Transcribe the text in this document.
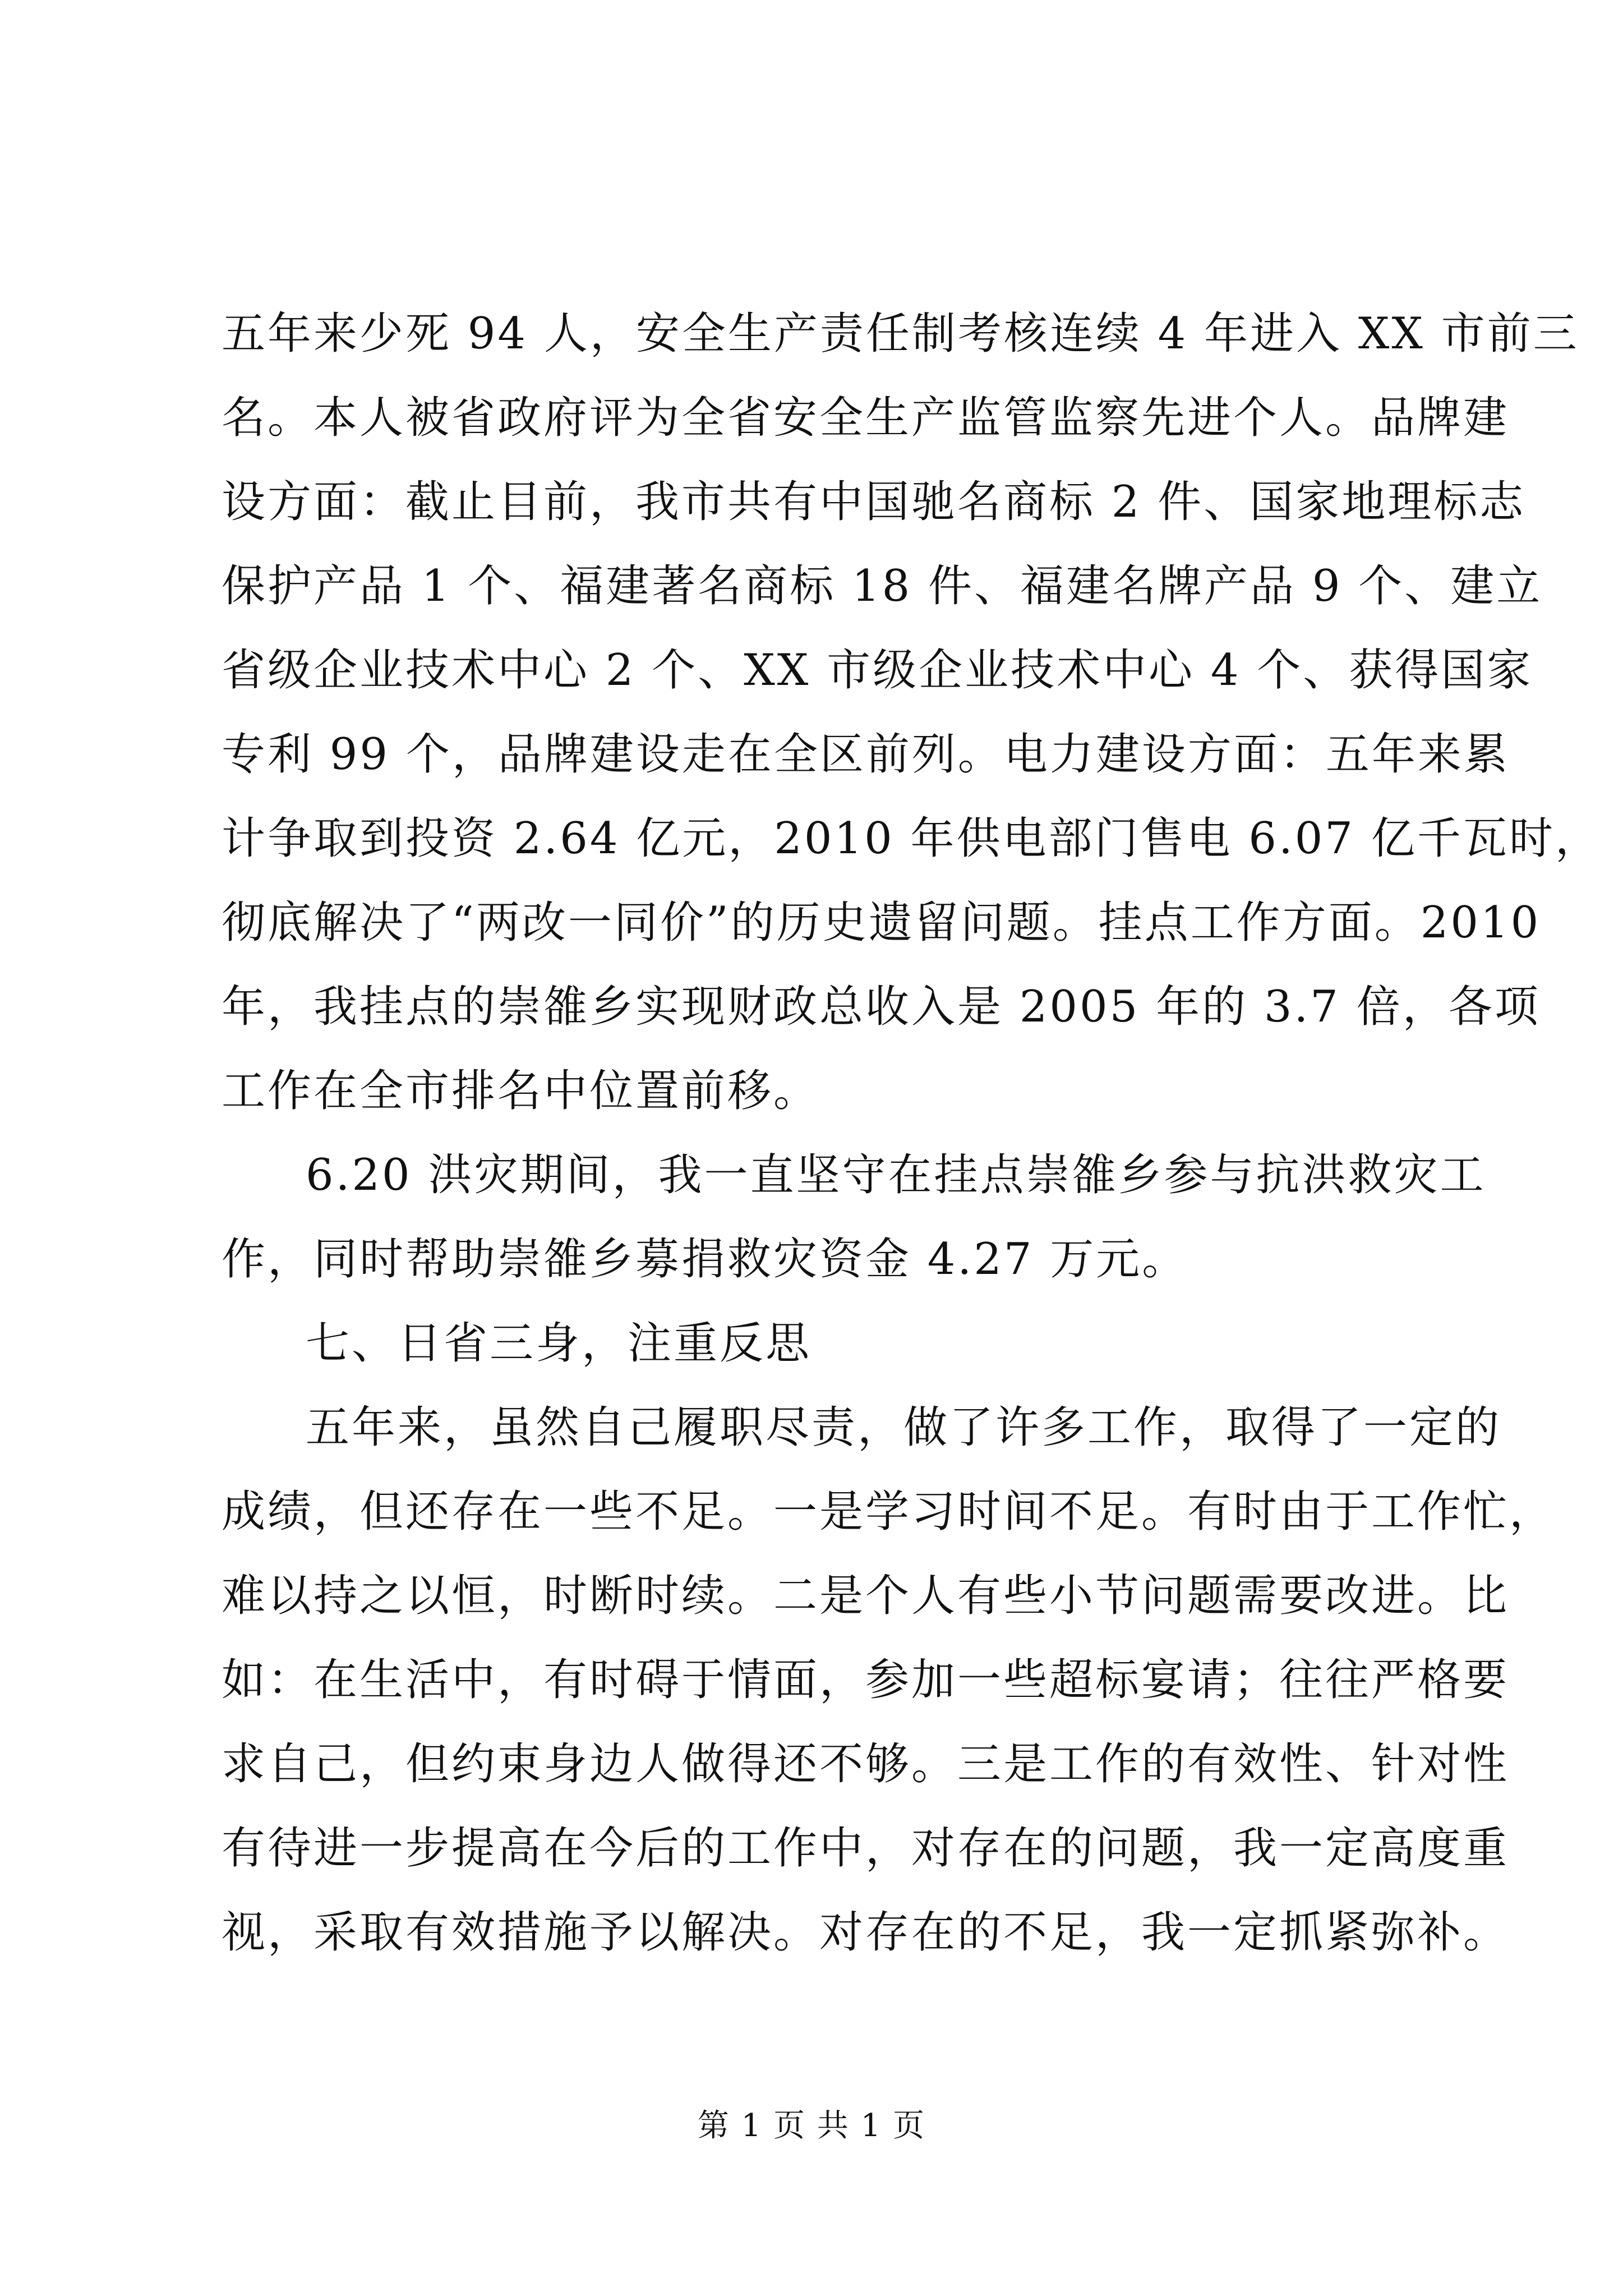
五年来少死 94 人，安全生产责任制考核连续 4 年进入 XX 市前三
名。本人被省政府评为全省安全生产监管监察先进个人。品牌建
设方面：截止目前，我市共有中国驰名商标 2 件、国家地理标志
保护产品 1 个、福建著名商标 18 件、福建名牌产品 9 个、建立
省级企业技术中心 2 个、XX 市级企业技术中心 4 个、获得国家
专利 99 个，品牌建设走在全区前列。电力建设方面：五年来累
计争取到投资 2.64 亿元，2010 年供电部门售电 6.07 亿千瓦时，
彻底解决了“两改一同价”的历史遗留问题。挂点工作方面。2010
年，我挂点的崇雒乡实现财政总收入是 2005 年的 3.7 倍，各项
工作在全市排名中位置前移。
6.20 洪灾期间，我一直坚守在挂点崇雒乡参与抗洪救灾工
作，同时帮助崇雒乡募捐救灾资金 4.27 万元。
七、日省三身，注重反思
五年来，虽然自己履职尽责，做了许多工作，取得了一定的
成绩，但还存在一些不足。一是学习时间不足。有时由于工作忙，
难以持之以恒，时断时续。二是个人有些小节问题需要改进。比
如：在生活中，有时碍于情面，参加一些超标宴请；往往严格要
求自己，但约束身边人做得还不够。三是工作的有效性、针对性
有待进一步提高在今后的工作中，对存在的问题，我一定高度重
视，采取有效措施予以解决。对存在的不足，我一定抓紧弥补。
第 1 页 共 1 页
